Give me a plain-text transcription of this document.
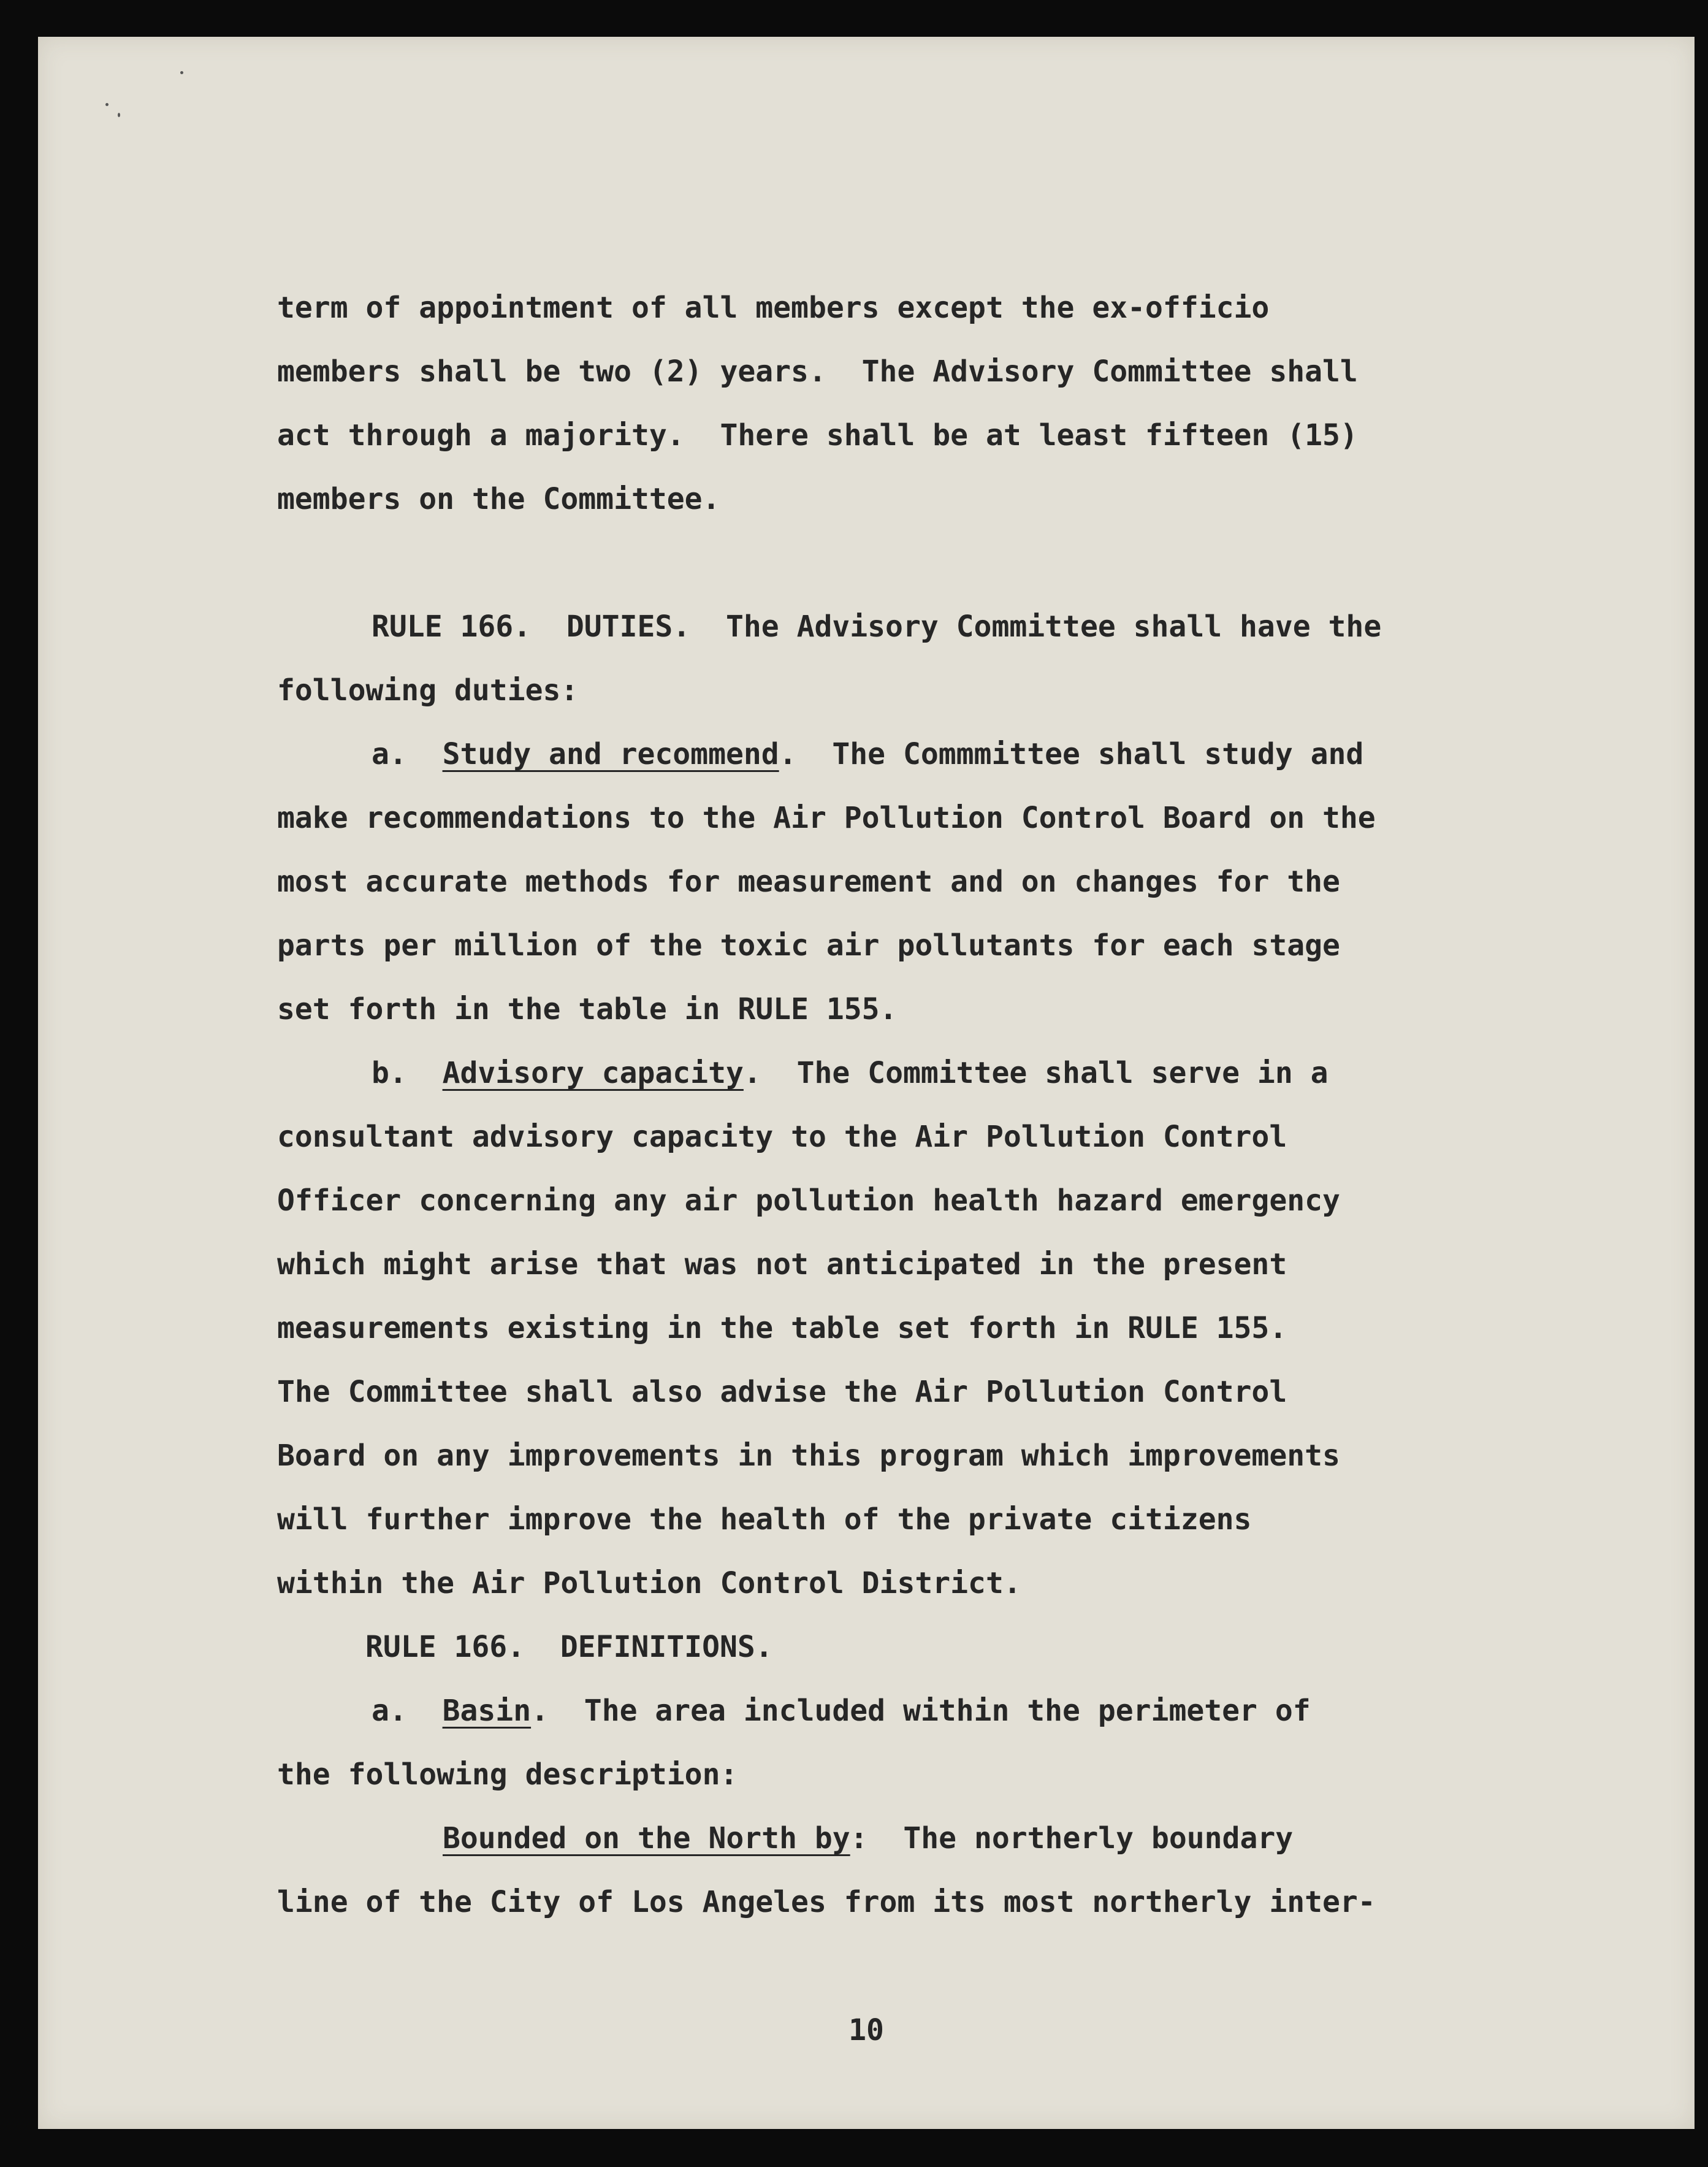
term of appointment of all members except the ex-officio

members shall be two (2) years.  The Advisory Committee shall

act through a majority.  There shall be at least fifteen (15)

members on the Committee.

RULE 166.  DUTIES.  The Advisory Committee shall have the

following duties:

a.  Study and recommend.  The Commmittee shall study and

make recommendations to the Air Pollution Control Board on the

most accurate methods for measurement and on changes for the

parts per million of the toxic air pollutants for each stage

set forth in the table in RULE 155.

b.  Advisory capacity.  The Committee shall serve in a

consultant advisory capacity to the Air Pollution Control

Officer concerning any air pollution health hazard emergency

which might arise that was not anticipated in the present

measurements existing in the table set forth in RULE 155.

The Committee shall also advise the Air Pollution Control

Board on any improvements in this program which improvements

will further improve the health of the private citizens

within the Air Pollution Control District.

RULE 166.  DEFINITIONS.

a.  Basin.  The area included within the perimeter of

the following description:

Bounded on the North by:  The northerly boundary

line of the City of Los Angeles from its most northerly inter-

10
